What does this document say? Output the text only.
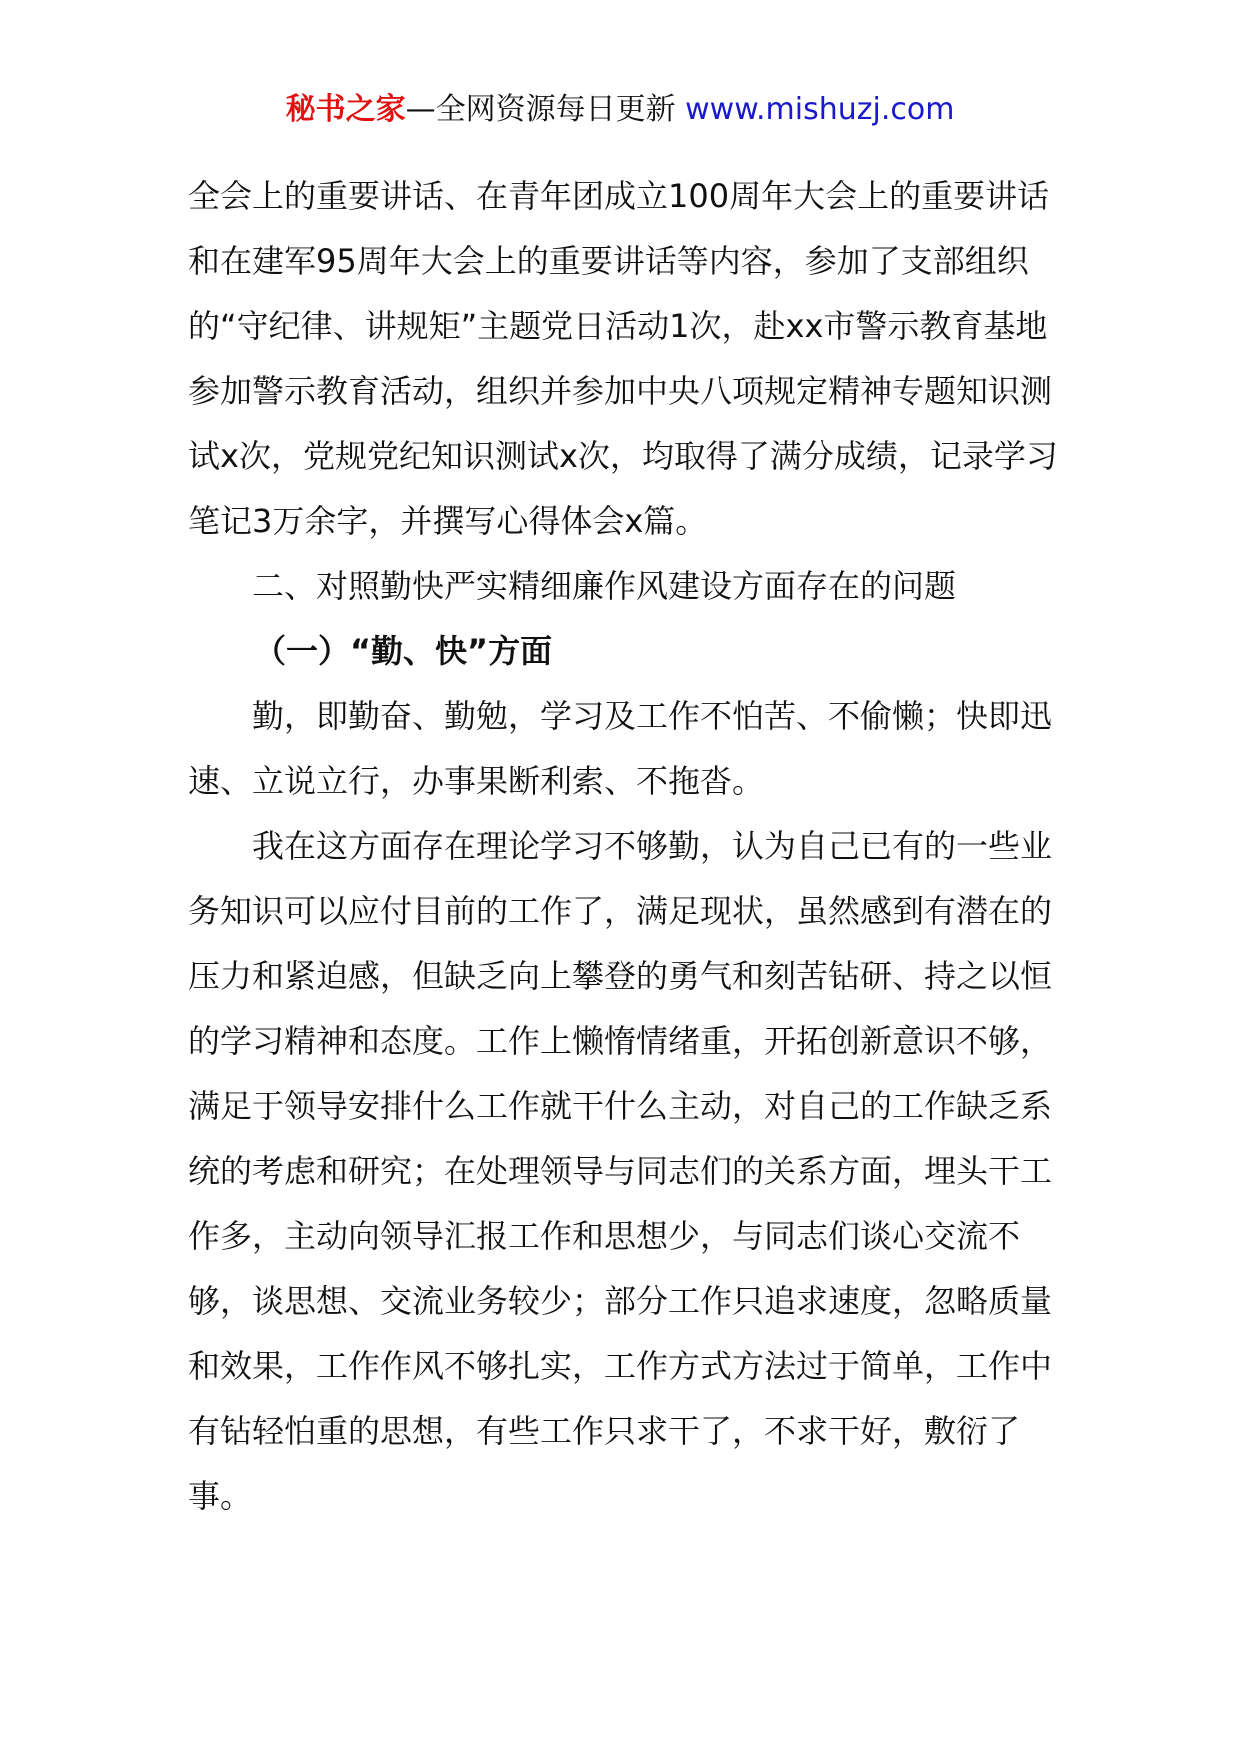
秘书之家—全网资源每日更新 www.mishuzj.com

全会上的重要讲话、在青年团成立100周年大会上的重要讲话和在建军95周年大会上的重要讲话等内容，参加了支部组织的“守纪律、讲规矩”主题党日活动1次，赴xx市警示教育基地参加警示教育活动，组织并参加中央八项规定精神专题知识测试x次，党规党纪知识测试x次，均取得了满分成绩，记录学习笔记3万余字，并撰写心得体会x篇。

二、对照勤快严实精细廉作风建设方面存在的问题

（一）“勤、快”方面

勤，即勤奋、勤勉，学习及工作不怕苦、不偷懒；快即迅速、立说立行，办事果断利索、不拖沓。

我在这方面存在理论学习不够勤，认为自己已有的一些业务知识可以应付目前的工作了，满足现状，虽然感到有潜在的压力和紧迫感，但缺乏向上攀登的勇气和刻苦钻研、持之以恒的学习精神和态度。工作上懒惰情绪重，开拓创新意识不够，满足于领导安排什么工作就干什么主动，对自己的工作缺乏系统的考虑和研究；在处理领导与同志们的关系方面，埋头干工作多，主动向领导汇报工作和思想少，与同志们谈心交流不够，谈思想、交流业务较少；部分工作只追求速度，忽略质量和效果，工作作风不够扎实，工作方式方法过于简单，工作中有钻轻怕重的思想，有些工作只求干了，不求干好，敷衍了事。
